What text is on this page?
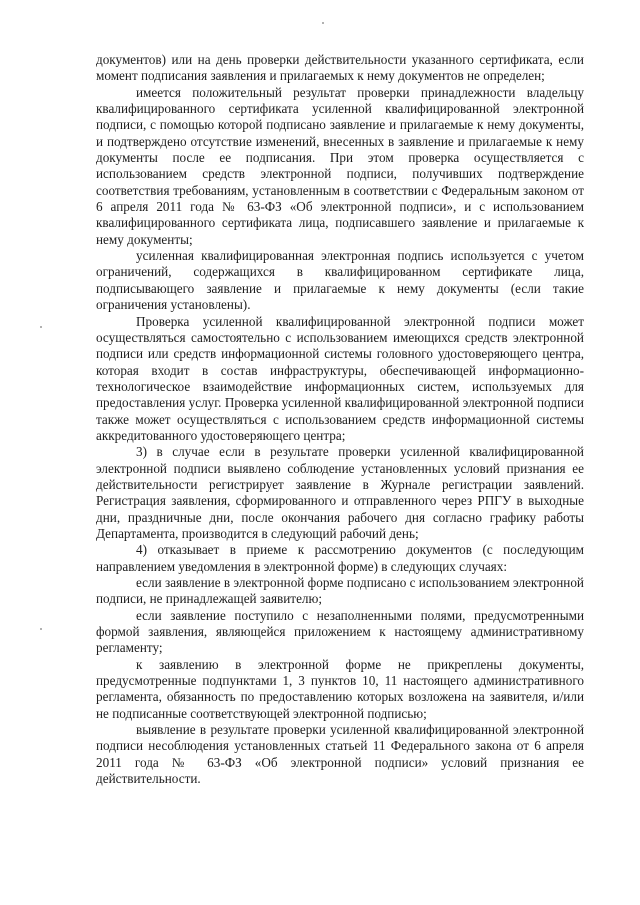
документов) или на день проверки действительности указанного сертификата, если момент подписания заявления и прилагаемых к нему документов не определен;

имеется положительный результат проверки принадлежности владельцу квалифицированного сертификата усиленной квалифицированной электронной подписи, с помощью которой подписано заявление и прилагаемые к нему документы, и подтверждено отсутствие изменений, внесенных в заявление и прилагаемые к нему документы после ее подписания. При этом проверка осуществляется с использованием средств электронной подписи, получивших подтверждение соответствия требованиям, установленным в соответствии с Федеральным законом от 6 апреля 2011 года № 63-ФЗ «Об электронной подписи», и с использованием квалифицированного сертификата лица, подписавшего заявление и прилагаемые к нему документы;

усиленная квалифицированная электронная подпись используется с учетом ограничений, содержащихся в квалифицированном сертификате лица, подписывающего заявление и прилагаемые к нему документы (если такие ограничения установлены).

Проверка усиленной квалифицированной электронной подписи может осуществляться самостоятельно с использованием имеющихся средств электронной подписи или средств информационной системы головного удостоверяющего центра, которая входит в состав инфраструктуры, обеспечивающей информационно-технологическое взаимодействие информационных систем, используемых для предоставления услуг. Проверка усиленной квалифицированной электронной подписи также может осуществляться с использованием средств информационной системы аккредитованного удостоверяющего центра;

3) в случае если в результате проверки усиленной квалифицированной электронной подписи выявлено соблюдение установленных условий признания ее действительности регистрирует заявление в Журнале регистрации заявлений. Регистрация заявления, сформированного и отправленного через РПГУ в выходные дни, праздничные дни, после окончания рабочего дня согласно графику работы Департамента, производится в следующий рабочий день;

4) отказывает в приеме к рассмотрению документов (с последующим направлением уведомления в электронной форме) в следующих случаях:

если заявление в электронной форме подписано с использованием электронной подписи, не принадлежащей заявителю;

если заявление поступило с незаполненными полями, предусмотренными формой заявления, являющейся приложением к настоящему административному регламенту;

к заявлению в электронной форме не прикреплены документы, предусмотренные подпунктами 1, 3 пунктов 10, 11 настоящего административного регламента, обязанность по предоставлению которых возложена на заявителя, и/или не подписанные соответствующей электронной подписью;

выявление в результате проверки усиленной квалифицированной электронной подписи несоблюдения установленных статьей 11 Федерального закона от 6 апреля 2011 года № 63-ФЗ «Об электронной подписи» условий признания ее действительности.
